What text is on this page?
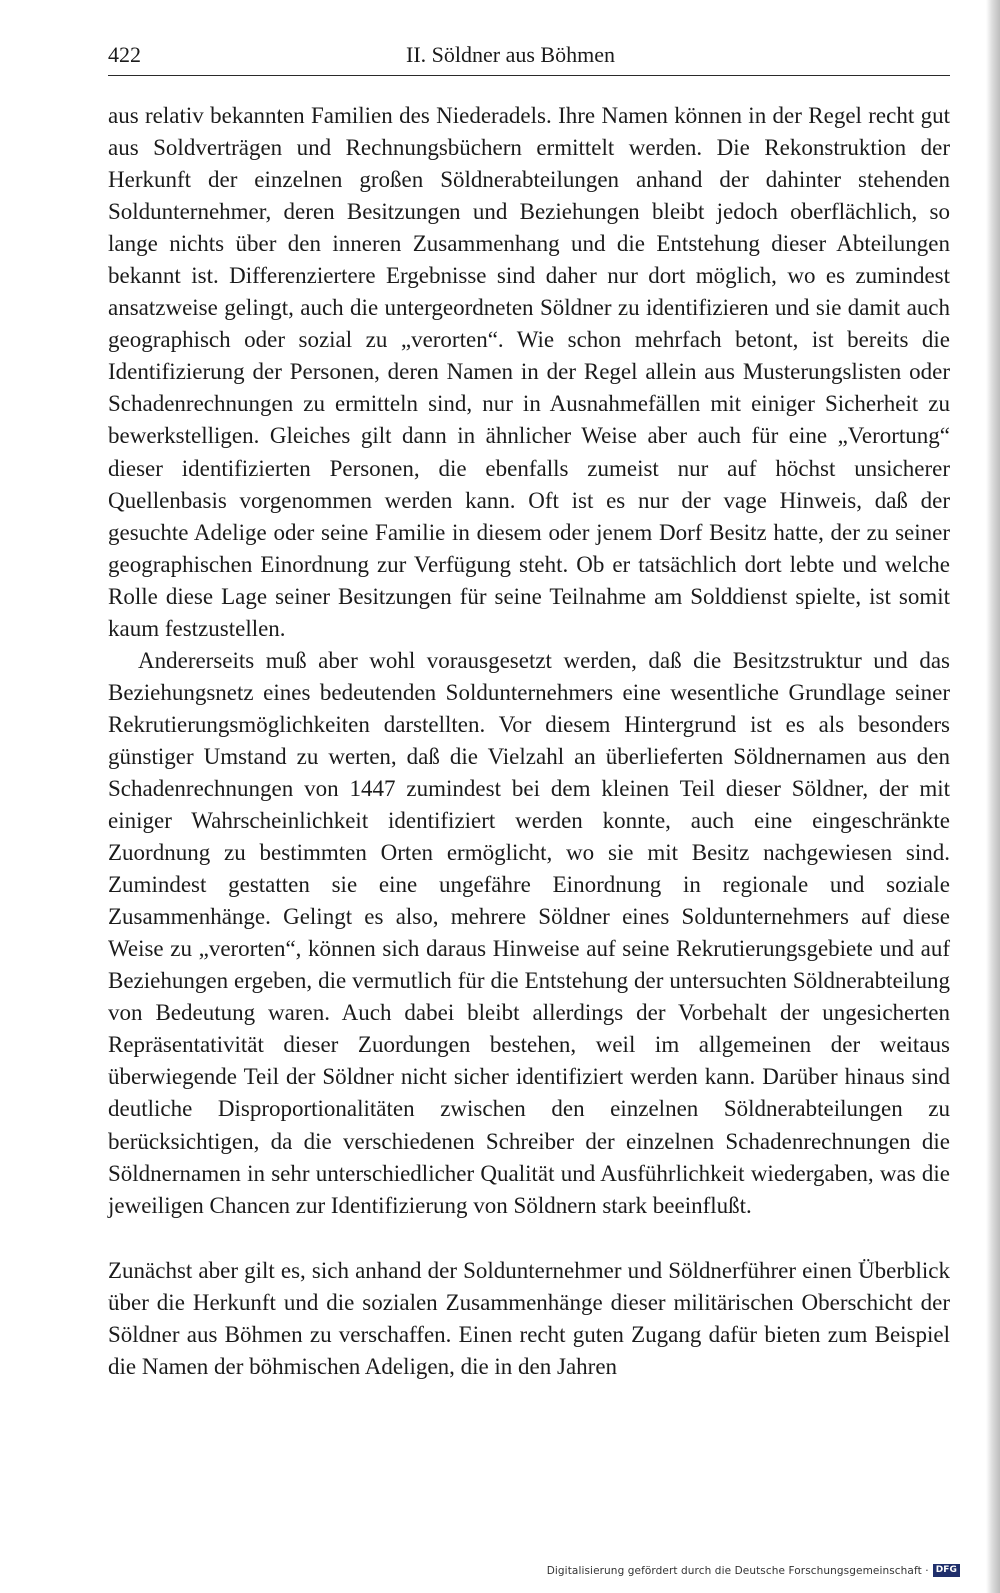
422	II. Söldner aus Böhmen

aus relativ bekannten Familien des Niederadels. Ihre Namen können in der Regel recht gut aus Soldverträgen und Rechnungsbüchern ermittelt werden. Die Rekonstruktion der Herkunft der einzelnen großen Söldnerabteilungen anhand der dahinter stehenden Soldunternehmer, deren Besitzungen und Beziehungen bleibt jedoch oberflächlich, so lange nichts über den inneren Zusammenhang und die Entstehung dieser Abteilungen bekannt ist. Differenziertere Ergebnisse sind daher nur dort möglich, wo es zumindest ansatzweise gelingt, auch die untergeordneten Söldner zu identifizieren und sie damit auch geographisch oder sozial zu „verorten“. Wie schon mehrfach betont, ist bereits die Identifizierung der Personen, deren Namen in der Regel allein aus Musterungslisten oder Schadenrechnungen zu ermitteln sind, nur in Ausnahmefällen mit einiger Sicherheit zu bewerkstelligen. Gleiches gilt dann in ähnlicher Weise aber auch für eine „Verortung“ dieser identifizierten Personen, die ebenfalls zumeist nur auf höchst unsicherer Quellenbasis vorgenommen werden kann. Oft ist es nur der vage Hinweis, daß der gesuchte Adelige oder seine Familie in diesem oder jenem Dorf Besitz hatte, der zu seiner geographischen Einordnung zur Verfügung steht. Ob er tatsächlich dort lebte und welche Rolle diese Lage seiner Besitzungen für seine Teilnahme am Solddienst spielte, ist somit kaum festzustellen.

Andererseits muß aber wohl vorausgesetzt werden, daß die Besitzstruktur und das Beziehungsnetz eines bedeutenden Soldunternehmers eine wesentliche Grundlage seiner Rekrutierungsmöglichkeiten darstellten. Vor diesem Hintergrund ist es als besonders günstiger Umstand zu werten, daß die Vielzahl an überlieferten Söldnernamen aus den Schadenrechnungen von 1447 zumindest bei dem kleinen Teil dieser Söldner, der mit einiger Wahrscheinlichkeit identifiziert werden konnte, auch eine eingeschränkte Zuordnung zu bestimmten Orten ermöglicht, wo sie mit Besitz nachgewiesen sind. Zumindest gestatten sie eine ungefähre Einordnung in regionale und soziale Zusammenhänge. Gelingt es also, mehrere Söldner eines Soldunternehmers auf diese Weise zu „verorten“, können sich daraus Hinweise auf seine Rekrutierungsgebiete und auf Beziehungen ergeben, die vermutlich für die Entstehung der untersuchten Söldnerabteilung von Bedeutung waren. Auch dabei bleibt allerdings der Vorbehalt der ungesicherten Repräsentativität dieser Zuordungen bestehen, weil im allgemeinen der weitaus überwiegende Teil der Söldner nicht sicher identifiziert werden kann. Darüber hinaus sind deutliche Disproportionalitäten zwischen den einzelnen Söldnerabteilungen zu berücksichtigen, da die verschiedenen Schreiber der einzelnen Schadenrechnungen die Söldnernamen in sehr unterschiedlicher Qualität und Ausführlichkeit wiedergaben, was die jeweiligen Chancen zur Identifizierung von Söldnern stark beeinflußt.

Zunächst aber gilt es, sich anhand der Soldunternehmer und Söldnerführer einen Überblick über die Herkunft und die sozialen Zusammenhänge dieser militärischen Oberschicht der Söldner aus Böhmen zu verschaffen. Einen recht guten Zugang dafür bieten zum Beispiel die Namen der böhmischen Adeligen, die in den Jahren

Digitalisierung gefördert durch die Deutsche Forschungsgemeinschaft · DFG
